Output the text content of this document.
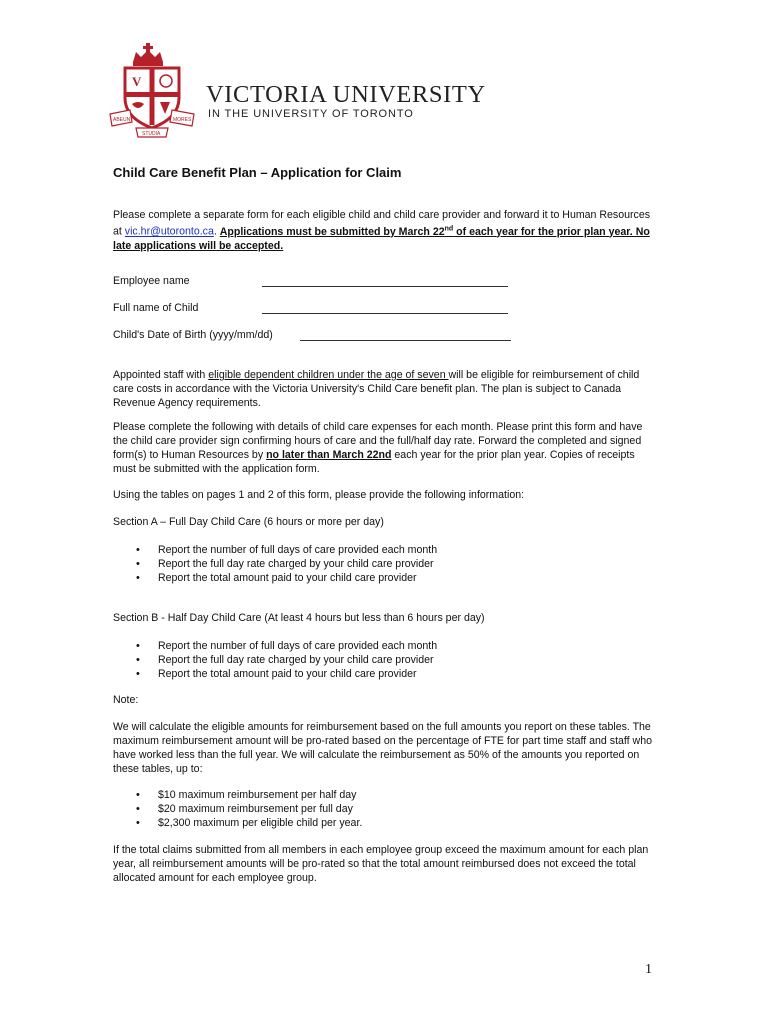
V
ABEUNT	MORES
STUDIA
VICTORIA UNIVERSITY
IN THE UNIVERSITY OF TORONTO
Child Care Benefit Plan – Application for Claim
Please complete a separate form for each eligible child and child care provider and forward it to Human Resources at vic.hr@utoronto.ca. Applications must be submitted by March 22nd of each year for the prior plan year. No late applications will be accepted.
Employee name
Full name of Child
Child's Date of Birth (yyyy/mm/dd)
Appointed staff with eligible dependent children under the age of seven will be eligible for reimbursement of child care costs in accordance with the Victoria University's Child Care benefit plan. The plan is subject to Canada Revenue Agency requirements.
Please complete the following with details of child care expenses for each month. Please print this form and have the child care provider sign confirming hours of care and the full/half day rate. Forward the completed and signed form(s) to Human Resources by no later than March 22nd each year for the prior plan year. Copies of receipts must be submitted with the application form.
Using the tables on pages 1 and 2 of this form, please provide the following information:
Section A – Full Day Child Care (6 hours or more per day)
• Report the number of full days of care provided each month
• Report the full day rate charged by your child care provider
• Report the total amount paid to your child care provider
Section B - Half Day Child Care (At least 4 hours but less than 6 hours per day)
• Report the number of full days of care provided each month
• Report the full day rate charged by your child care provider
• Report the total amount paid to your child care provider
Note:
We will calculate the eligible amounts for reimbursement based on the full amounts you report on these tables. The maximum reimbursement amount will be pro-rated based on the percentage of FTE for part time staff and staff who have worked less than the full year. We will calculate the reimbursement as 50% of the amounts you reported on these tables, up to:
• $10 maximum reimbursement per half day
• $20 maximum reimbursement per full day
• $2,300 maximum per eligible child per year.
If the total claims submitted from all members in each employee group exceed the maximum amount for each plan year, all reimbursement amounts will be pro-rated so that the total amount reimbursed does not exceed the total allocated amount for each employee group.
1
